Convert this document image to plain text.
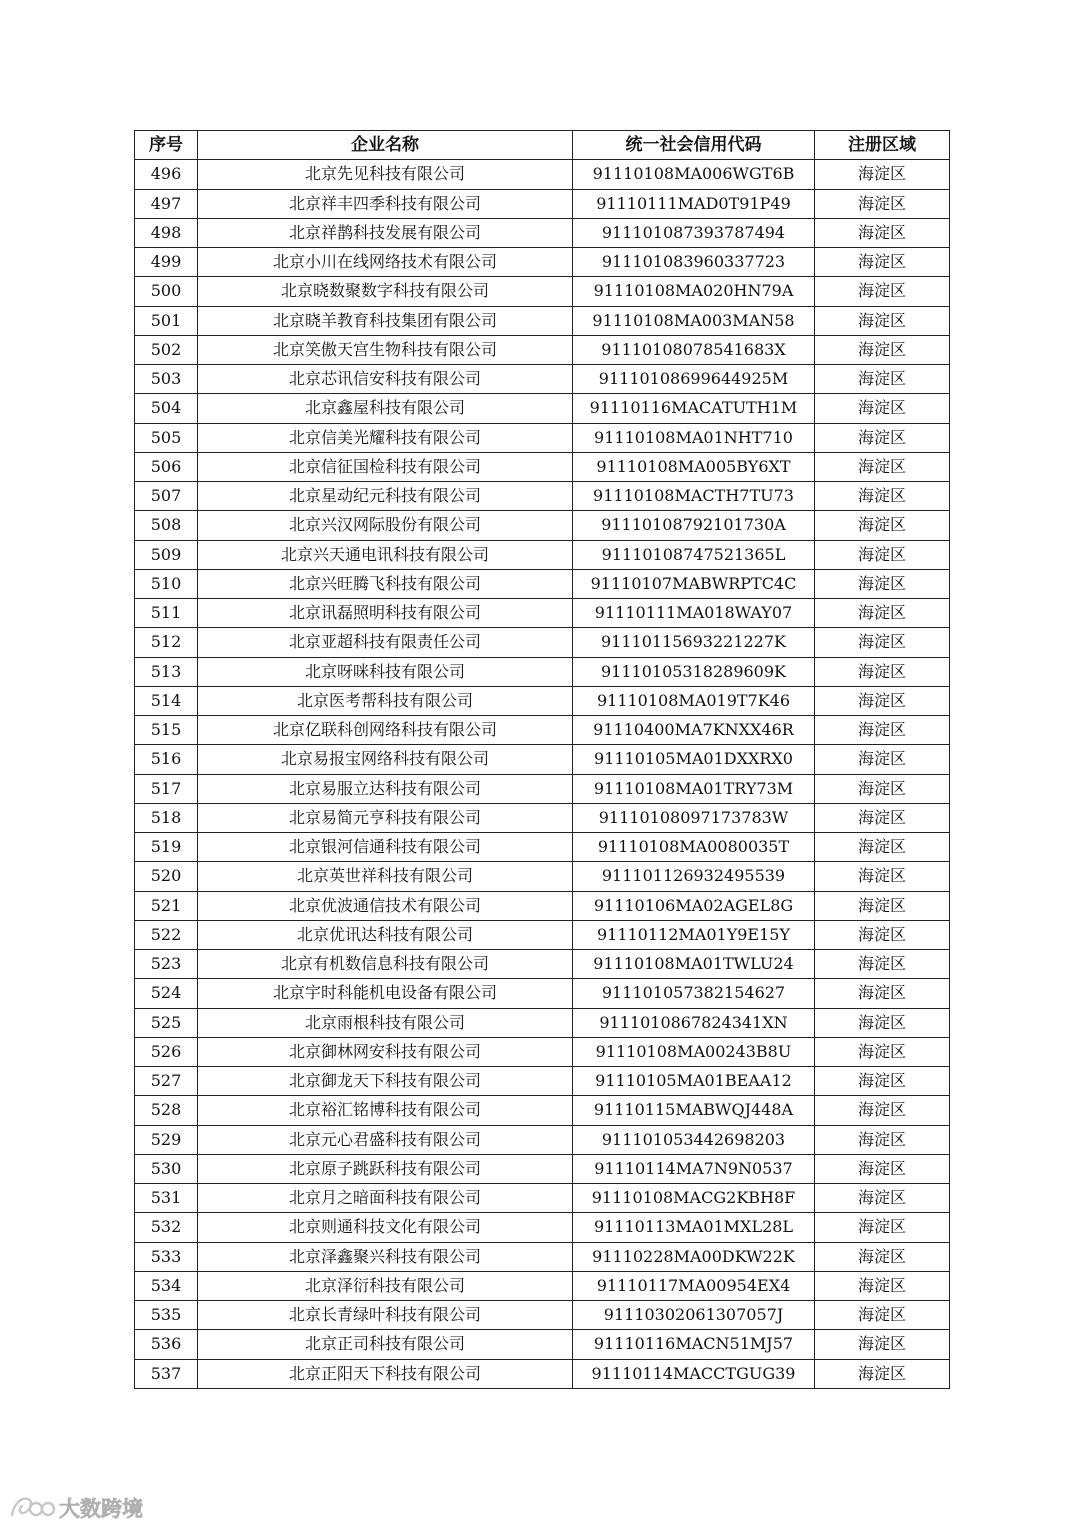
序号	企业名称	统一社会信用代码	注册区域
496	北京先见科技有限公司	91110108MA006WGT6B	海淀区
497	北京祥丰四季科技有限公司	91110111MAD0T91P49	海淀区
498	北京祥鹊科技发展有限公司	91110108739378749​4	海淀区
499	北京小川在线网络技术有限公司	911101083960337723	海淀区
500	北京晓数聚数字科技有限公司	91110108MA020HN79A	海淀区
501	北京晓羊教育科技集团有限公司	91110108MA003MAN58	海淀区
502	北京笑傲天宫生物科技有限公司	91110108078541683X	海淀区
503	北京芯讯信安科技有限公司	91110108699644925M	海淀区
504	北京鑫屋科技有限公司	91110116MACATUTH1M	海淀区
505	北京信美光耀科技有限公司	91110108MA01NHT710	海淀区
506	北京信征国检科技有限公司	91110108MA005BY6XT	海淀区
507	北京星动纪元科技有限公司	91110108MACTH7TU73	海淀区
508	北京兴汉网际股份有限公司	91110108792101730A	海淀区
509	北京兴天通电讯科技有限公司	91110108747521365L	海淀区
510	北京兴旺腾飞科技有限公司	91110107MABWRPTC4C	海淀区
511	北京讯磊照明科技有限公司	91110111MA018WAY07	海淀区
512	北京亚超科技有限责任公司	91110115693221227K	海淀区
513	北京呀咪科技有限公司	91110105318289609K	海淀区
514	北京医考帮科技有限公司	91110108MA019T7K46	海淀区
515	北京亿联科创网络科技有限公司	91110400MA7KNXX46R	海淀区
516	北京易报宝网络科技有限公司	91110105MA01DXXRX0	海淀区
517	北京易服立达科技有限公司	91110108MA01TRY73M	海淀区
518	北京易简元亨科技有限公司	91110108097173783W	海淀区
519	北京银河信通科技有限公司	91110108MA0080035T	海淀区
520	北京英世祥科技有限公司	911101126932495539	海淀区
521	北京优波通信技术有限公司	91110106MA02AGEL8G	海淀区
522	北京优讯达科技有限公司	91110112MA01Y9E15Y	海淀区
523	北京有机数信息科技有限公司	91110108MA01TWLU24	海淀区
524	北京宇时科能机电设备有限公司	911101057382154627	海淀区
525	北京雨根科技有限公司	9111010867824341XN	海淀区
526	北京御林网安科技有限公司	91110108MA00243B8U	海淀区
527	北京御龙天下科技有限公司	91110105MA01BEAA12	海淀区
528	北京裕汇铭博科技有限公司	91110115MABWQJ448A	海淀区
529	北京元心君盛科技有限公司	911101053442698203	海淀区
530	北京原子跳跃科技有限公司	91110114MA7N9N0537	海淀区
531	北京月之暗面科技有限公司	91110108MACG2KBH8F	海淀区
532	北京则通科技文化有限公司	91110113MA01MXL28L	海淀区
533	北京泽鑫聚兴科技有限公司	91110228MA00DKW22K	海淀区
534	北京泽衍科技有限公司	91110117MA00954EX4	海淀区
535	北京长青绿叶科技有限公司	91110302061307057J	海淀区
536	北京正司科技有限公司	91110116MACN51MJ57	海淀区
537	北京正阳天下科技有限公司	91110114MACCTGUG39	海淀区
大数跨境
